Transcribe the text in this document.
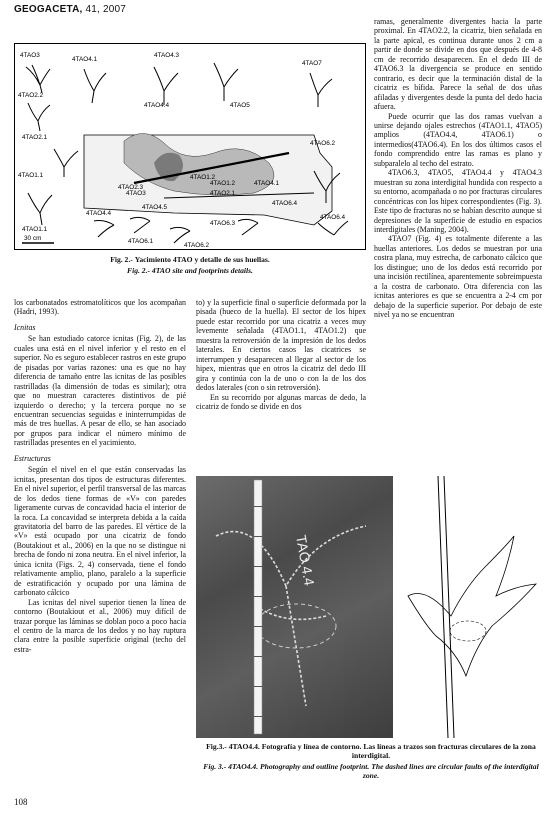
GEOGACETA, 41, 2007
4TAO3
4TAO4.1
4TAO4.3
4TAO7
4TAO2.2
4TAO4.4	4TAO5
4TAO2.1
4TAO6.2
4TAO1.2
4TAO1.2
4TAO2.3
4TAO4.1
4TAO1.1
4TAO3	4TAO2.1
4TAO6.4
4TAO4.4
4TAO4.5
4TAO6.3
4TAO6.1
4TAO6.2
4TAO1.1
4TAO6.4
30 cm
Fig. 2.- Yacimiento 4TAO y detalle de sus huellas.
Fig. 2.- 4TAO site and footprints details.

ramas, generalmente divergentes hacia la parte proximal. En 4TAO2.2, la cicatriz, bien señalada en la parte apical, es continua durante unos 2 cm a partir de donde se divide en dos que después de 4-8 cm de recorrido desaparecen. En el dedo III de 4TAO6.3 la divergencia se produce en sentido contrario, es decir que la terminación distal de la cicatriz es bífida. Parece la señal de dos uñas afiladas y divergentes desde la punta del dedo hacia afuera.

Puede ocurrir que las dos ramas vuelvan a unirse dejando ojales estrechos (4TAO1.1, 4TAO5) amplios (4TAO4.4, 4TAO6.1) o intermedios(4TAO6.4). En los dos últimos casos el fondo comprendido entre las ramas es plano y subparalelo al techo del estrato.

4TAO6.3, 4TAO5, 4TAO4.4 y 4TAO4.3 muestran su zona interdigital hundida con respecto a su entorno, acompañada o no por fracturas circulares concéntricas con los hipex correspondientes (Fig. 3). Este tipo de fracturas no se habían descrito aunque si depresiones de la superficie de estudio en espacios interdigitales (Maning, 2004).

4TAO7 (Fig. 4) es totalmente diferente a las huellas anteriores. Los dedos se muestran por una costra plana, muy estrecha, de carbonato cálcico que los distingue; uno de los dedos está recorrido por una incisión rectilínea, aparentemente sobreimpuesta a la costra de carbonato. Otra diferencia con las icnitas anteriores es que se encuentra a 2-4 cm por debajo de la superficie superior. Por debajo de este nivel ya no se encuentran

los carbonatados estromatolíticos que los acompañan (Hadri, 1993).

Icnitas

Se han estudiado catorce icnitas (Fig. 2), de las cuales una está en el nivel inferior y el resto en el superior. No es seguro establecer rastros en este grupo de pisadas por varias razones: una es que no hay diferencia de tamaño entre las icnitas de las posibles rastrilladas (la dimensión de todas es similar); otra que no muestran caracteres distintivos de pié izquierdo o derecho; y la tercera porque no se encuentran secuencias seguidas e ininterrumpidas de más de tres huellas. A pesar de ello, se han asociado por grupos para indicar el número mínimo de rastrilladas presentes en el yacimiento.

Estructuras

Según el nivel en el que están conservadas las icnitas, presentan dos tipos de estructuras diferentes. En el nivel superior, el perfil transversal de las marcas de los dedos tiene formas de «V» con paredes ligeramente curvas de concavidad hacia el interior de la roca. La concavidad se interpreta debida a la caída gravitatoria del barro de las paredes. El vértice de la «V» está ocupado por una cicatriz de fondo (Boutakiout et al., 2006) en la que no se distingue ni brecha de fondo ni zona neutra. En el nivel inferior, la única icnita (Figs. 2, 4) conservada, tiene el fondo relativamente amplio, plano, paralelo a la superficie de estratificación y ocupado por una lámina de carbonato cálcico

Las icnitas del nivel superior tienen la línea de contorno (Boutakiout et al., 2006) muy difícil de trazar porque las láminas se doblan poco a poco hacia el centro de la marca de los dedos y no hay ruptura clara entre la posible superficie original (techo del estra-

to) y la superficie final o superficie deformada por la pisada (hueco de la huella). El sector de los hipex puede estar recorrido por una cicatriz a veces muy levemente señalada (4TAO1.1, 4TAO1.2) que muestra la retroversión de la impresión de los dedos laterales. En ciertos casos las cicatrices se interrumpen y desaparecen al llegar al sector de los hipex, mientras que en otros la cicatriz del dedo III gira y continúa con la de uno o con la de los dos dedos laterales (con o sin retroversión).

En su recorrido por algunas marcas de dedo, la cicatriz de fondo se divide en dos

TAO 4.4
Fig.3.- 4TAO4.4. Fotografía y línea de contorno. Las líneas a trazos son fracturas circulares de la zona interdigital.
Fig. 3.- 4TAO4.4. Photography and outline footprint. The dashed lines are circular faults of the interdigital zone.
108
